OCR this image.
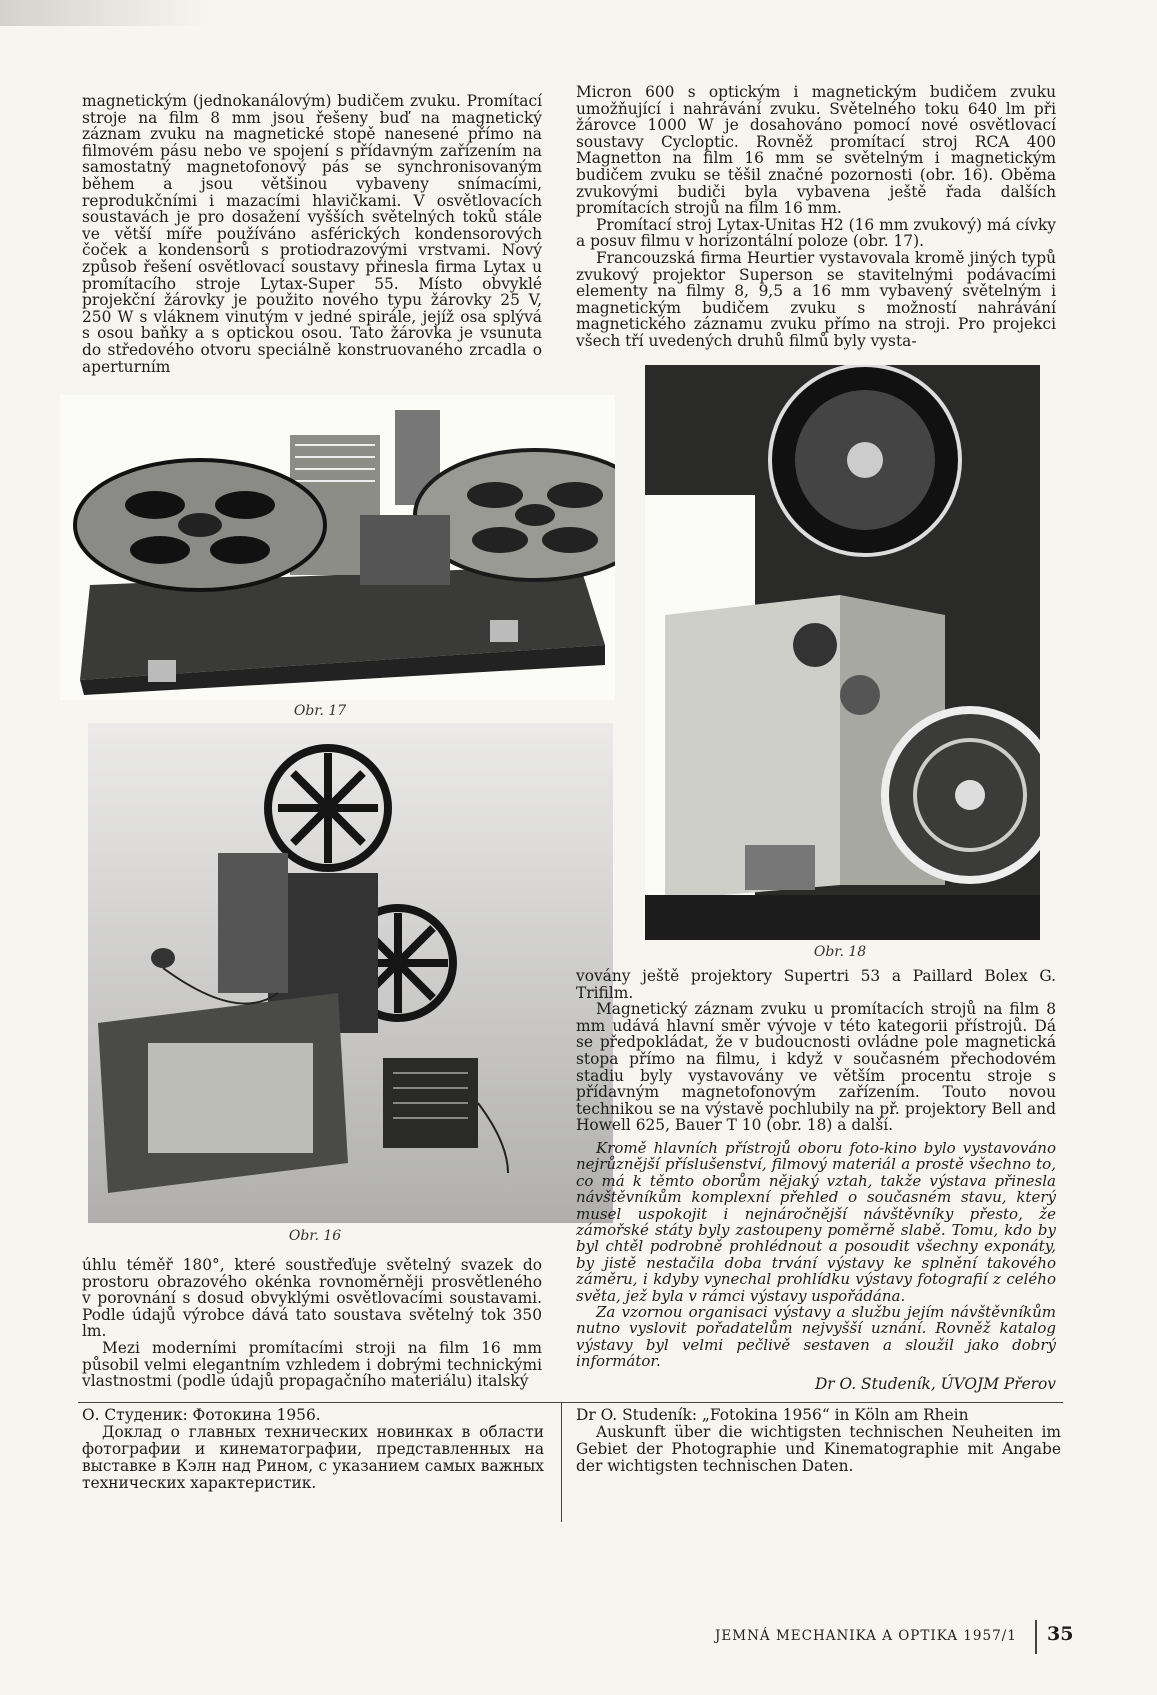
magnetickým (jednokanálovým) budičem zvuku. Promítací stroje na film 8 mm jsou řešeny buď na magnetický záznam zvuku na magnetické stopě nanesené přímo na filmovém pásu nebo ve spojení s přídavným zařízením na samostatný magnetofonový pás se synchronisovaným během a jsou většinou vybaveny snímacími, reprodukčními i mazacími hlavičkami. V osvětlovacích soustavách je pro dosažení vyšších světelných toků stále ve větší míře používáno asférických kondensorových čoček a kondensorů s protiodrazovými vrstvami. Nový způsob řešení osvětlovací soustavy přinesla firma Lytax u promítacího stroje Lytax-Super 55. Místo obvyklé projekční žárovky je použito nového typu žárovky 25 V, 250 W s vláknem vinutým v jedné spirále, jejíž osa splývá s osou baňky a s optickou osou. Tato žárovka je vsunuta do středového otvoru speciálně konstruovaného zrcadla o aperturním

Micron 600 s optickým i magnetickým budičem zvuku umožňující i nahrávání zvuku. Světelného toku 640 lm při žárovce 1000 W je dosahováno pomocí nové osvětlovací soustavy Cycloptic. Rovněž promítací stroj RCA 400 Magnetton na film 16 mm se světelným i magnetickým budičem zvuku se těšil značné pozornosti (obr. 16). Oběma zvukovými budiči byla vybavena ještě řada dalších promítacích strojů na film 16 mm.

Promítací stroj Lytax-Unitas H2 (16 mm zvukový) má cívky a posuv filmu v horizontální poloze (obr. 17).

Francouzská firma Heurtier vystavovala kromě jiných typů zvukový projektor Superson se stavitelnými podávacími elementy na filmy 8, 9,5 a 16 mm vybavený světelným i magnetickým budičem zvuku s možností nahrávání magnetického záznamu zvuku přímo na stroji. Pro projekci všech tří uvedených druhů filmů byly vysta-

Obr. 17
Obr. 18
Obr. 16

vovány ještě projektory Supertri 53 a Paillard Bolex G. Trifilm.

Magnetický záznam zvuku u promítacích strojů na film 8 mm udává hlavní směr vývoje v této kategorii přístrojů. Dá se předpokládat, že v budoucnosti ovládne pole magnetická stopa přímo na filmu, i když v současném přechodovém stadiu byly vystavovány ve větším procentu stroje s přídavným magnetofonovým zařízením. Touto novou technikou se na výstavě pochlubily na př. projektory Bell and Howell 625, Bauer T 10 (obr. 18) a další.

Kromě hlavních přístrojů oboru foto-kino bylo vystavováno nejrůznější příslušenství, filmový materiál a prostě všechno to, co má k těmto oborům nějaký vztah, takže výstava přinesla návštěvníkům komplexní přehled o současném stavu, který musel uspokojit i nejnáročnější návštěvníky přesto, že zámořské státy byly zastoupeny poměrně slabě. Tomu, kdo by byl chtěl podrobně prohlédnout a posoudit všechny exponáty, by jistě nestačila doba trvání výstavy ke splnění takového záměru, i kdyby vynechal prohlídku výstavy fotografií z celého světa, jež byla v rámci výstavy uspořádána.

Za vzornou organisaci výstavy a službu jejím návštěvníkům nutno vyslovit pořadatelům nejvyšší uznání. Rovněž katalog výstavy byl velmi pečlivě sestaven a sloužil jako dobrý informátor.

Dr O. Studeník, ÚVOJM Přerov

úhlu téměř 180°, které soustřeďuje světelný svazek do prostoru obrazového okénka rovnoměrněji prosvětleného v porovnání s dosud obvyklými osvětlovacími soustavami. Podle údajů výrobce dává tato soustava světelný tok 350 lm.

Mezi moderními promítacími stroji na film 16 mm působil velmi elegantním vzhledem i dobrými technickými vlastnostmi (podle údajů propagačního materiálu) italský

О. Студеник: Фотокина 1956.
Доклад о главных технических новинках в области фотографии и кинематографии, представленных на выставке в Кэлн над Рином, с указанием самых важных технических характеристик.
Dr O. Studeník: „Fotokina 1956“ in Köln am Rhein
Auskunft über die wichtigsten technischen Neuheiten im Gebiet der Photographie und Kinematographie mit Angabe der wichtigsten technischen Daten.
JEMNÁ MECHANIKA A OPTIKA 1957/1 35
